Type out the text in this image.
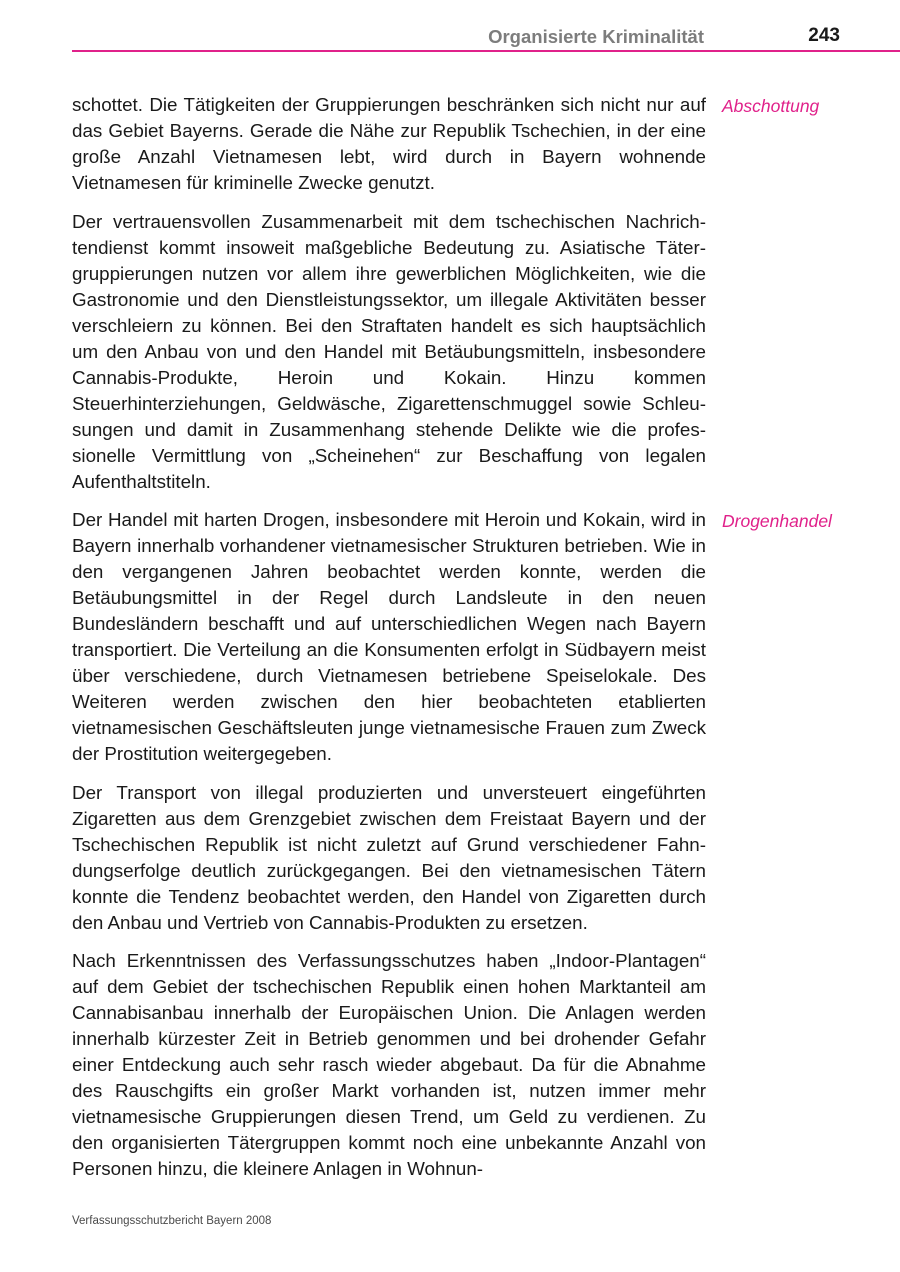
Organisierte Kriminalität	243

schottet. Die Tätigkeiten der Gruppierungen beschränken sich nicht nur auf das Gebiet Bayerns. Gerade die Nähe zur Republik Tschechien, in der eine große Anzahl Vietnamesen lebt, wird durch in Bayern wohnende Vietnamesen für kriminelle Zwecke genutzt.
Abschottung

Der vertrauensvollen Zusammenarbeit mit dem tschechischen Nachrichtendienst kommt insoweit maßgebliche Bedeutung zu. Asiatische Tätergruppierungen nutzen vor allem ihre gewerblichen Möglichkeiten, wie die Gastronomie und den Dienstleistungssektor, um illegale Aktivitäten besser verschleiern zu können. Bei den Straftaten handelt es sich hauptsächlich um den Anbau von und den Handel mit Betäubungsmitteln, insbesondere Cannabis-Produkte, Heroin und Kokain. Hinzu kommen Steuerhinterziehungen, Geldwäsche, Zigarettenschmuggel sowie Schleusungen und damit in Zusammenhang stehende Delikte wie die professionelle Vermittlung von „Scheinehen“ zur Beschaffung von legalen Aufenthaltstiteln.

Der Handel mit harten Drogen, insbesondere mit Heroin und Kokain, wird in Bayern innerhalb vorhandener vietnamesischer Strukturen betrieben. Wie in den vergangenen Jahren beobachtet werden konnte, werden die Betäubungsmittel in der Regel durch Landsleute in den neuen Bundesländern beschafft und auf unterschiedlichen Wegen nach Bayern transportiert. Die Verteilung an die Konsumenten erfolgt in Südbayern meist über verschiedene, durch Vietnamesen betriebene Speiselokale. Des Weiteren werden zwischen den hier beobachteten etablierten vietnamesischen Geschäftsleuten junge vietnamesische Frauen zum Zweck der Prostitution weitergegeben.
Drogenhandel

Der Transport von illegal produzierten und unversteuert eingeführten Zigaretten aus dem Grenzgebiet zwischen dem Freistaat Bayern und der Tschechischen Republik ist nicht zuletzt auf Grund verschiedener Fahndungserfolge deutlich zurückgegangen. Bei den vietnamesischen Tätern konnte die Tendenz beobachtet werden, den Handel von Zigaretten durch den Anbau und Vertrieb von Cannabis-Produkten zu ersetzen.

Nach Erkenntnissen des Verfassungsschutzes haben „Indoor-Plantagen“ auf dem Gebiet der tschechischen Republik einen hohen Marktanteil am Cannabisanbau innerhalb der Europäischen Union. Die Anlagen werden innerhalb kürzester Zeit in Betrieb genommen und bei drohender Gefahr einer Entdeckung auch sehr rasch wieder abgebaut. Da für die Abnahme des Rauschgifts ein großer Markt vorhanden ist, nutzen immer mehr vietnamesische Gruppierungen diesen Trend, um Geld zu verdienen. Zu den organisierten Tätergruppen kommt noch eine unbekannte Anzahl von Personen hinzu, die kleinere Anlagen in Wohnun-

Verfassungsschutzbericht Bayern 2008
